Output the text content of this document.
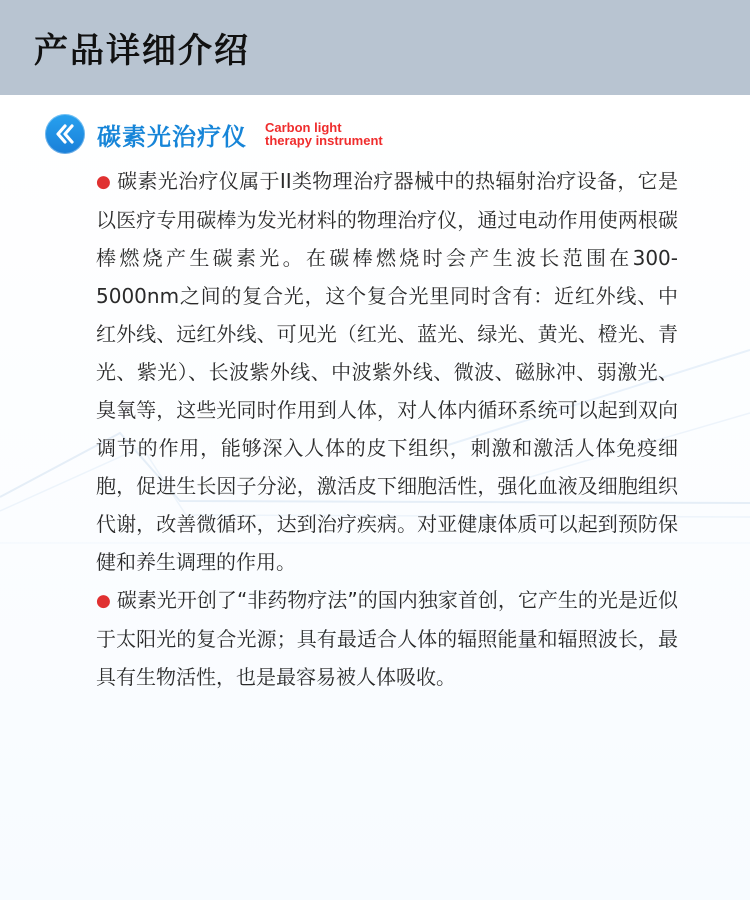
产品详细介绍
碳素光治疗仪 Carbon light
therapy instrument

● 碳素光治疗仪属于II类物理治疗器械中的热辐射治疗设备，它是以医疗专用碳棒为发光材料的物理治疗仪，通过电动作用使两根碳棒燃烧产生碳素光。在碳棒燃烧时会产生波长范围在300-5000nm之间的复合光，这个复合光里同时含有：近红外线、中红外线、远红外线、可见光（红光、蓝光、绿光、黄光、橙光、青光、紫光）、长波紫外线、中波紫外线、微波、磁脉冲、弱激光、臭氧等，这些光同时作用到人体，对人体内循环系统可以起到双向调节的作用，能够深入人体的皮下组织，刺激和激活人体免疫细胞，促进生长因子分泌，激活皮下细胞活性，强化血液及细胞组织代谢，改善微循环，达到治疗疾病。对亚健康体质可以起到预防保健和养生调理的作用。

● 碳素光开创了“非药物疗法”的国内独家首创，它产生的光是近似于太阳光的复合光源；具有最适合人体的辐照能量和辐照波长，最具有生物活性，也是最容易被人体吸收。
